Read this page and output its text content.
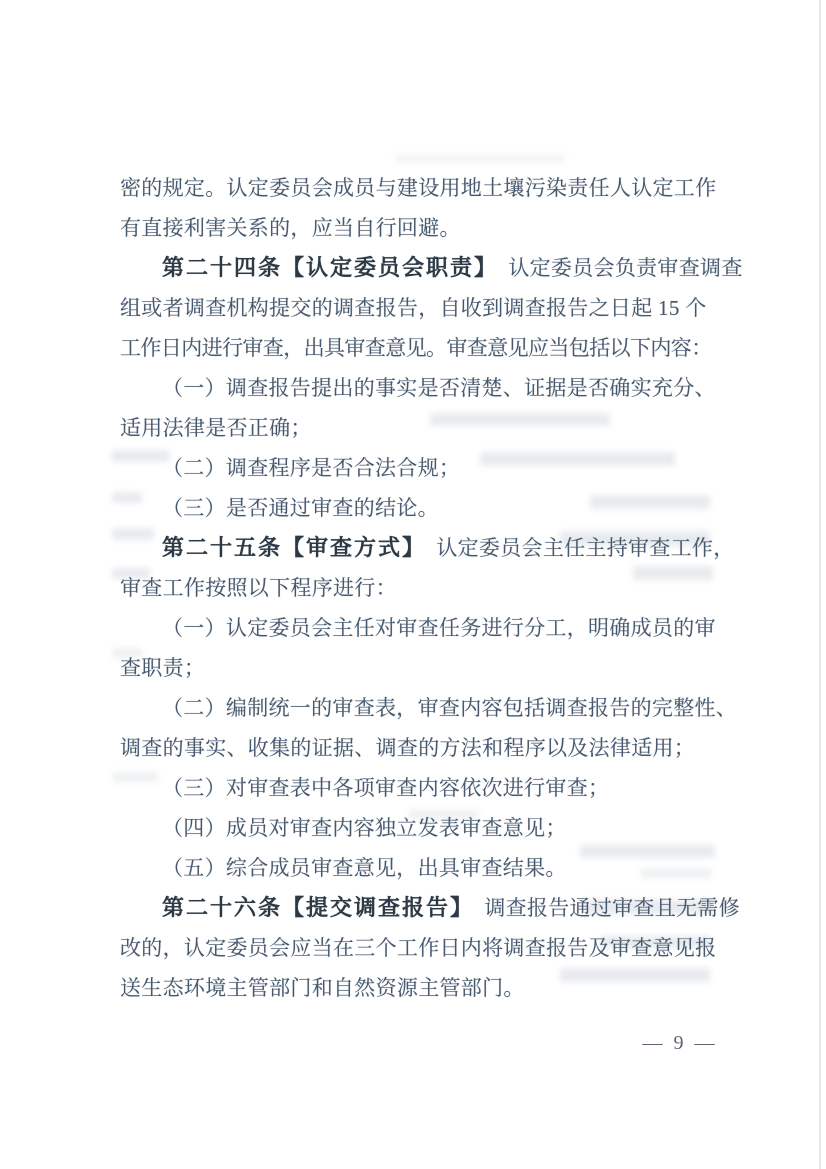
密的规定。认定委员会成员与建设用地土壤污染责任人认定工作
有直接利害关系的，应当自行回避。
第二十四条【认定委员会职责】　认定委员会负责审查调查
组或者调查机构提交的调查报告，自收到调查报告之日起 15 个
工作日内进行审查，出具审查意见。审查意见应当包括以下内容：
（一）调查报告提出的事实是否清楚、证据是否确实充分、
适用法律是否正确；
（二）调查程序是否合法合规；
（三）是否通过审查的结论。
第二十五条【审查方式】　认定委员会主任主持审查工作，
审查工作按照以下程序进行：
（一）认定委员会主任对审查任务进行分工，明确成员的审
查职责；
（二）编制统一的审查表，审查内容包括调查报告的完整性、
调查的事实、收集的证据、调查的方法和程序以及法律适用；
（三）对审查表中各项审查内容依次进行审查；
（四）成员对审查内容独立发表审查意见；
（五）综合成员审查意见，出具审查结果。
第二十六条【提交调查报告】　调查报告通过审查且无需修
改的，认定委员会应当在三个工作日内将调查报告及审查意见报
送生态环境主管部门和自然资源主管部门。
— 9 —
